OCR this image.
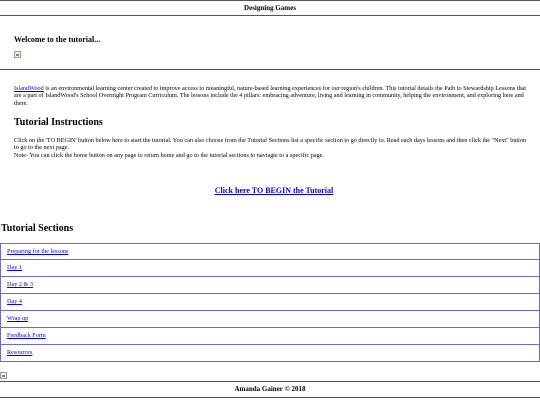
Designing Games
Welcome to the tutorial...
IslandWood is an environmental learning center created to improve access to meaningful, nature-based learning experiences for our region's children. This tutorial details the Path to Stewardship Lessons that are a part of IslandWood's School Overnight Program Curriculum. The lessons include the 4 pillars: embracing adventure, living and learning in community, helping the environment, and exploring here and there.
Tutorial Instructions
Click on the 'TO BEGIN' button below here to start the tutorial. You can also choose from the Tutorial Sections list a specific section to go directly to. Read each days lessons and then click the "Next" button to go to the next page.
Note- You can click the home button on any page to return home and go to the tutorial sections to naviagte to a specific page.
Click here TO BEGIN the Tutorial
Tutorial Sections
Preparing for the lessons
Day 1
Day 2 & 3
Day 4
Wrap up
Feedback Form
Resources
Amanda Gainer © 2018
